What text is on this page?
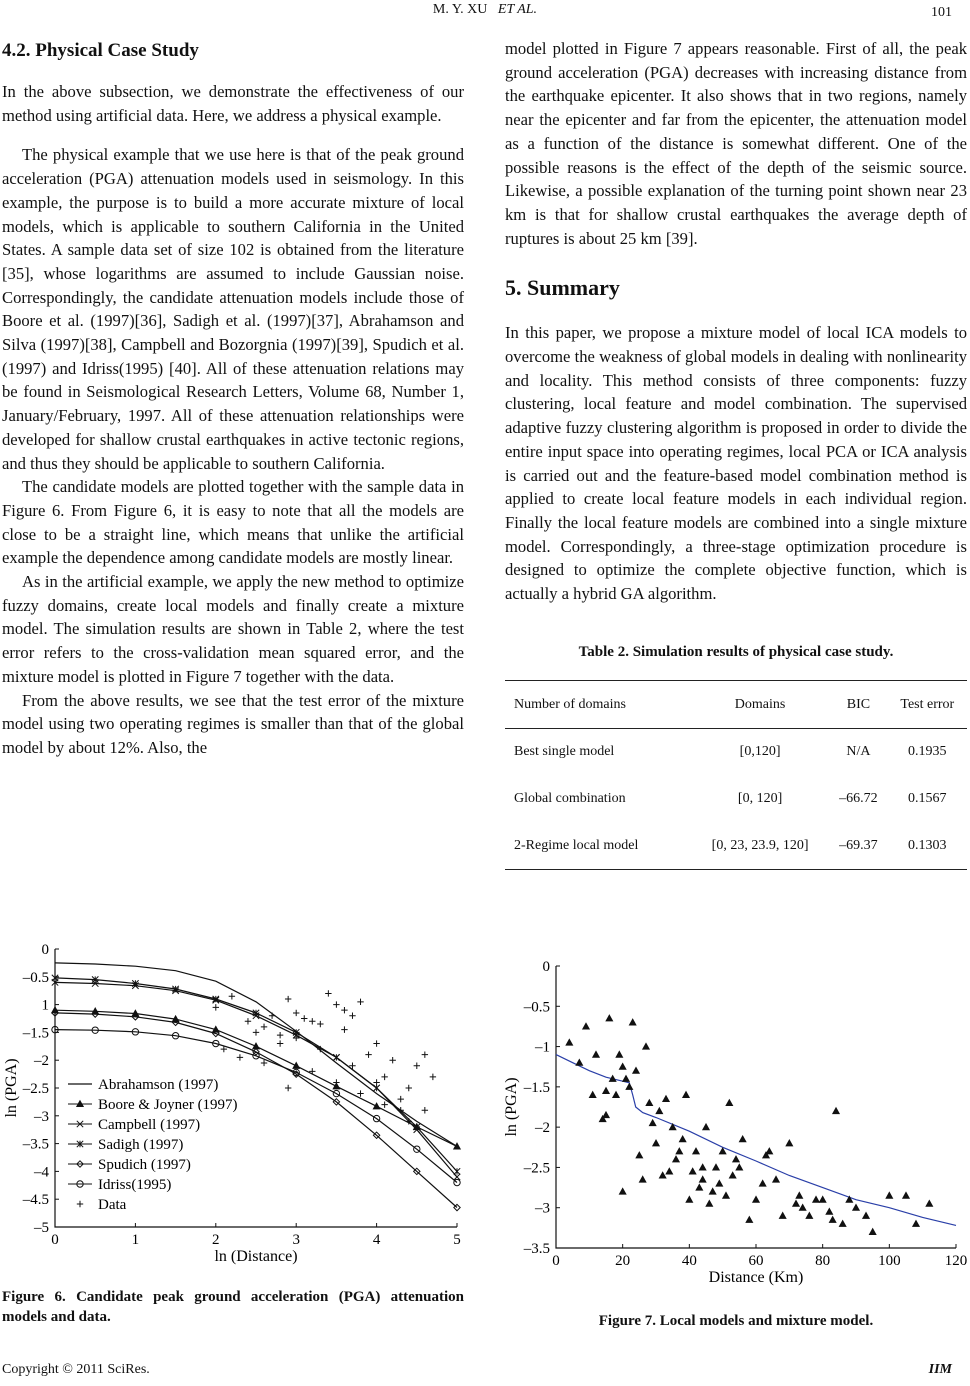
M. Y. XU ET AL.	101
4.2. Physical Case Study

In the above subsection, we demonstrate the effectiveness of our method using artificial data. Here, we address a physical example.

The physical example that we use here is that of the peak ground acceleration (PGA) attenuation models used in seismology. In this example, the purpose is to build a more accurate mixture of local models, which is applicable to southern California in the United States. A sample data set of size 102 is obtained from the literature [35], whose logarithms are assumed to include Gaussian noise. Correspondingly, the candidate attenuation models include those of Boore et al. (1997)[36], Sadigh et al. (1997)[37], Abrahamson and Silva (1997)[38], Campbell and Bozorgnia (1997)[39], Spudich et al. (1997) and Idriss(1995) [40]. All of these attenuation relations may be found in Seismological Research Letters, Volume 68, Number 1, January/February, 1997. All of these attenuation relationships were developed for shallow crustal earthquakes in active tectonic regions, and thus they should be applicable to southern California.

The candidate models are plotted together with the sample data in Figure 6. From Figure 6, it is easy to note that all the models are close to be a straight line, which means that unlike the artificial example the dependence among candidate models are mostly linear.

As in the artificial example, we apply the new method to optimize fuzzy domains, create local models and finally create a mixture model. The simulation results are shown in Table 2, where the test error refers to the cross-validation mean squared error, and the mixture model is plotted in Figure 7 together with the data.

From the above results, we see that the test error of the mixture model using two operating regimes is smaller than that of the global model by about 12%. Also, the

model plotted in Figure 7 appears reasonable. First of all, the peak ground acceleration (PGA) decreases with increasing distance from the earthquake epicenter. It also shows that in two regions, namely near the epicenter and far from the epicenter, the attenuation model as a function of the distance is somewhat different. One of the possible reasons is the effect of the depth of the seismic source. Likewise, a possible explanation of the turning point shown near 23 km is that for shallow crustal earthquakes the average depth of ruptures is about 25 km [39].

5. Summary

In this paper, we propose a mixture model of local ICA models to overcome the weakness of global models in dealing with nonlinearity and locality. This method consists of three components: fuzzy clustering, local feature and model combination. The supervised adaptive fuzzy clustering algorithm is proposed in order to divide the entire input space into operating regimes, local PCA or ICA analysis is carried out and the feature-based model combination method is applied to create local feature models in each individual region. Finally the local feature models are combined into a single mixture model. Correspondingly, a three-stage optimization procedure is designed to optimize the complete objective function, which is actually a hybrid GA algorithm.

Table 2. Simulation results of physical case study.
Number of domains	Domains	BIC	Test error
Best single model	[0,120]	N/A	0.1935
Global combination	[0, 120]	–66.72	0.1567
2-Regime local model	[0, 23, 23.9, 120]	–69.37	0.1303
0	1	2	3	4	5
0
–0.5
1
–1.5
–2
–2.5
–3
–3.5
–4
–4.5
–5
ln (Distance)
ln (PGA)	Abrahamson (1997)
Boore & Joyner (1997)
Campbell (1997)
Sadigh (1997)
Spudich (1997)
Idriss(1995)
Data
Figure 6. Candidate peak ground acceleration (PGA) attenuation models and data.
0	20	40	60	80	100	120
0
–0.5
–1
–1.5
–2
–2.5
–3
–3.5
Distance (Km)
ln (PGA)
Figure 7. Local models and mixture model.
Copyright © 2011 SciRes.	IIM
